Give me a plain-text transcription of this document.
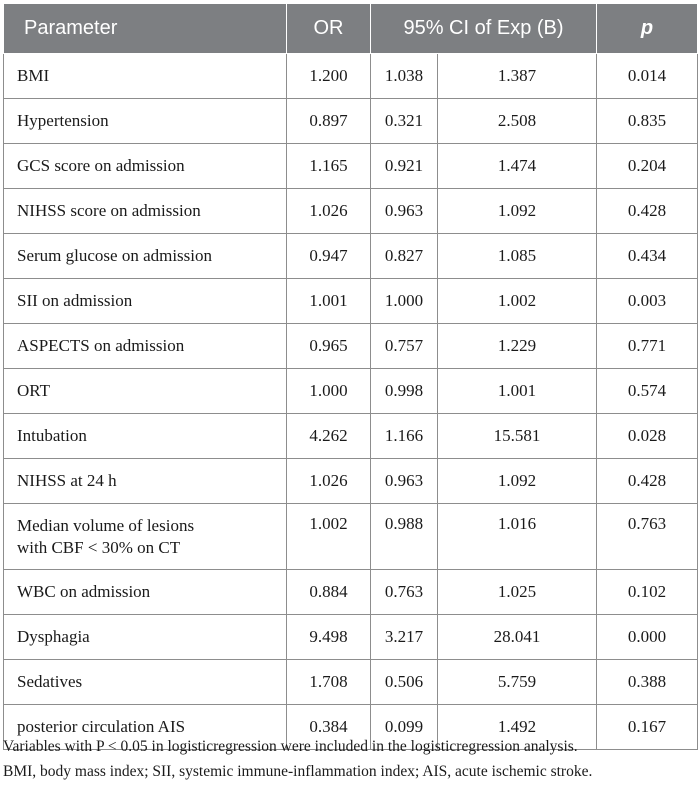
Parameter	OR	95% CI of Exp (B)		p
BMI	1.200	1.038	1.387	0.014
Hypertension	0.897	0.321	2.508	0.835
GCS score on admission	1.165	0.921	1.474	0.204
NIHSS score on admission	1.026	0.963	1.092	0.428
Serum glucose on admission	0.947	0.827	1.085	0.434
SII on admission	1.001	1.000	1.002	0.003
ASPECTS on admission	0.965	0.757	1.229	0.771
ORT	1.000	0.998	1.001	0.574
Intubation	4.262	1.166	15.581	0.028
NIHSS at 24 h	1.026	0.963	1.092	0.428

Median volume of lesions
with CBF < 30% on CT	1.002	0.988	1.016	0.763
WBC on admission	0.884	0.763	1.025	0.102
Dysphagia	9.498	3.217	28.041	0.000
Sedatives	1.708	0.506	5.759	0.388
posterior circulation AIS	0.384	0.099	1.492	0.167

Variables with P < 0.05 in logisticregression were included in the logisticregression analysis.

BMI, body mass index; SII, systemic immune-inflammation index; AIS, acute ischemic stroke.
